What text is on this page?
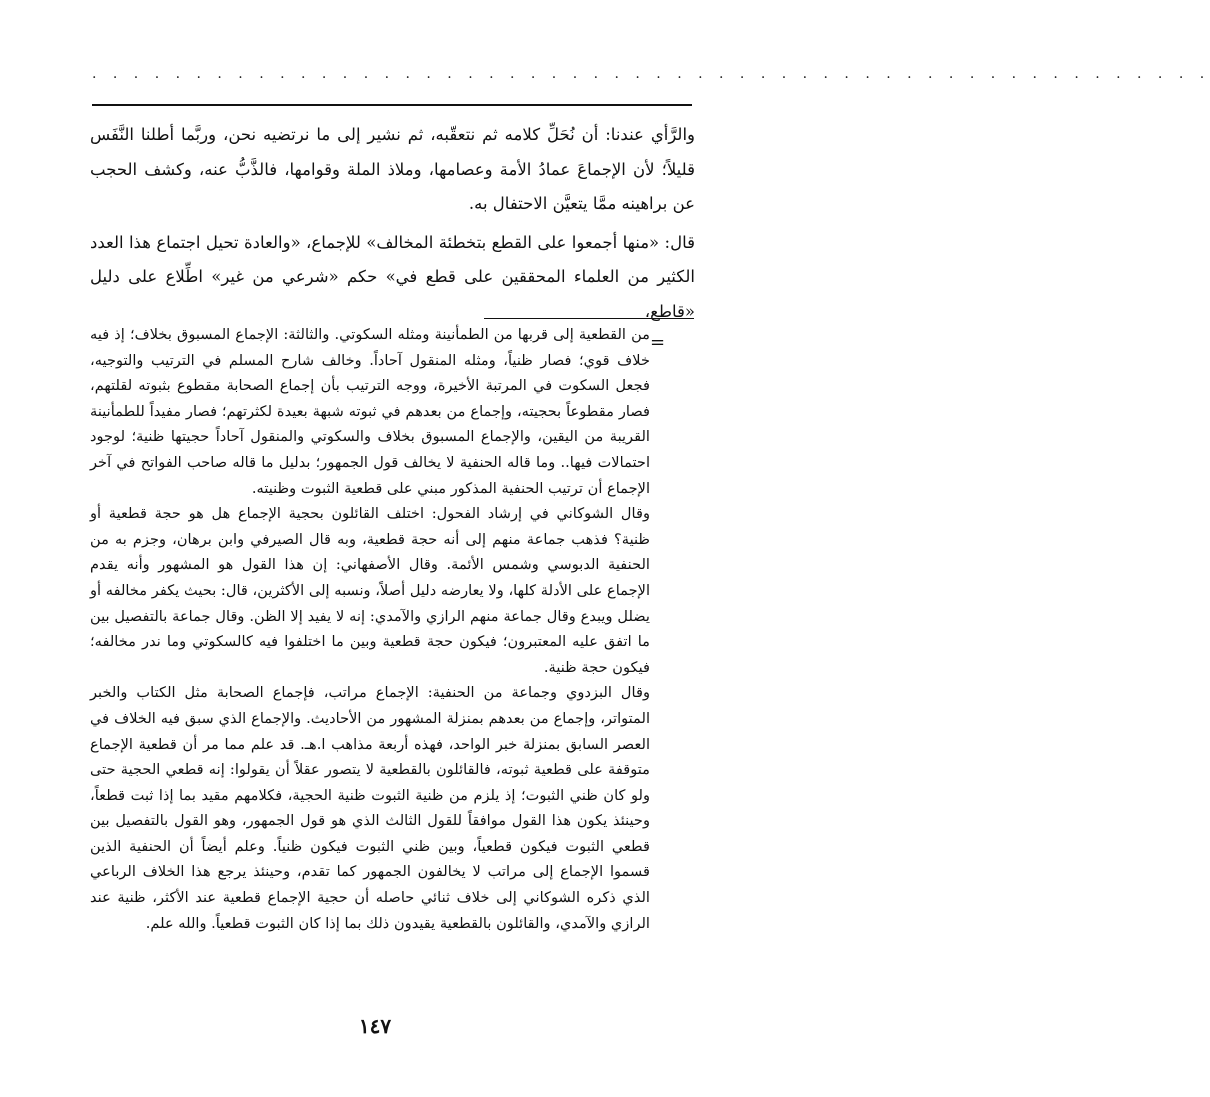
. . . . . . . . . . . . . . . . . . . . . . . . . . . . . . . . . . . . . . . . . . . . . . . . . . . . . .

والرَّأي عندنا: أن نُحَلِّ كلامه ثم نتعقّبه، ثم نشير إلى ما نرتضيه نحن، وربَّما أطلنا النَّفَس قليلاً؛ لأن الإجماعَ عمادُ الأمة وعصامها، وملاذ الملة وقوامها، فالذَّبُّ عنه، وكشف الحجب عن براهينه ممَّا يتعيَّن الاحتفال به.

قال: «منها أجمعوا على القطع بتخطئة المخالف» للإجماع، «والعادة تحيل اجتماع هذا العدد الكثير من العلماء المحققين على قطع في» حكم «شرعي من غير» اطِّلاع على دليل «قاطع،

=

من القطعية إلى قربها من الطمأنينة ومثله السكوتي. والثالثة: الإجماع المسبوق بخلاف؛ إذ فيه خلاف قوي؛ فصار ظنياً، ومثله المنقول آحاداً. وخالف شارح المسلم في الترتيب والتوجيه، فجعل السكوت في المرتبة الأخيرة، ووجه الترتيب بأن إجماع الصحابة مقطوع بثبوته لقلتهم، فصار مقطوعاً بحجيته، وإجماع من بعدهم في ثبوته شبهة بعيدة لكثرتهم؛ فصار مفيداً للطمأنينة القريبة من اليقين، والإجماع المسبوق بخلاف والسكوتي والمنقول آحاداً حجيتها ظنية؛ لوجود احتمالات فيها.. وما قاله الحنفية لا يخالف قول الجمهور؛ بدليل ما قاله صاحب الفواتح في آخر الإجماع أن ترتيب الحنفية المذكور مبني على قطعية الثبوت وظنيته.

وقال الشوكاني في إرشاد الفحول: اختلف القائلون بحجية الإجماع هل هو حجة قطعية أو ظنية؟ فذهب جماعة منهم إلى أنه حجة قطعية، وبه قال الصيرفي وابن برهان، وجزم به من الحنفية الدبوسي وشمس الأئمة. وقال الأصفهاني: إن هذا القول هو المشهور وأنه يقدم الإجماع على الأدلة كلها، ولا يعارضه دليل أصلاً، ونسبه إلى الأكثرين، قال: بحيث يكفر مخالفه أو يضلل ويبدع وقال جماعة منهم الرازي والآمدي: إنه لا يفيد إلا الظن. وقال جماعة بالتفصيل بين ما اتفق عليه المعتبرون؛ فيكون حجة قطعية وبين ما اختلفوا فيه كالسكوتي وما ندر مخالفه؛ فيكون حجة ظنية.

وقال البزدوي وجماعة من الحنفية: الإجماع مراتب، فإجماع الصحابة مثل الكتاب والخبر المتواتر، وإجماع من بعدهم بمنزلة المشهور من الأحاديث. والإجماع الذي سبق فيه الخلاف في العصر السابق بمنزلة خبر الواحد، فهذه أربعة مذاهب ا.هـ. قد علم مما مر أن قطعية الإجماع متوقفة على قطعية ثبوته، فالقائلون بالقطعية لا يتصور عقلاً أن يقولوا: إنه قطعي الحجية حتى ولو كان ظني الثبوت؛ إذ يلزم من ظنية الثبوت ظنية الحجية، فكلامهم مقيد بما إذا ثبت قطعاً، وحينئذ يكون هذا القول موافقاً للقول الثالث الذي هو قول الجمهور، وهو القول بالتفصيل بين قطعي الثبوت فيكون قطعياً، وبين ظني الثبوت فيكون ظنياً. وعلم أيضاً أن الحنفية الذين قسموا الإجماع إلى مراتب لا يخالفون الجمهور كما تقدم، وحينئذ يرجع هذا الخلاف الرباعي الذي ذكره الشوكاني إلى خلاف ثنائي حاصله أن حجية الإجماع قطعية عند الأكثر، ظنية عند الرازي والآمدي، والقائلون بالقطعية يقيدون ذلك بما إذا كان الثبوت قطعياً. والله علم.

١٤٧
